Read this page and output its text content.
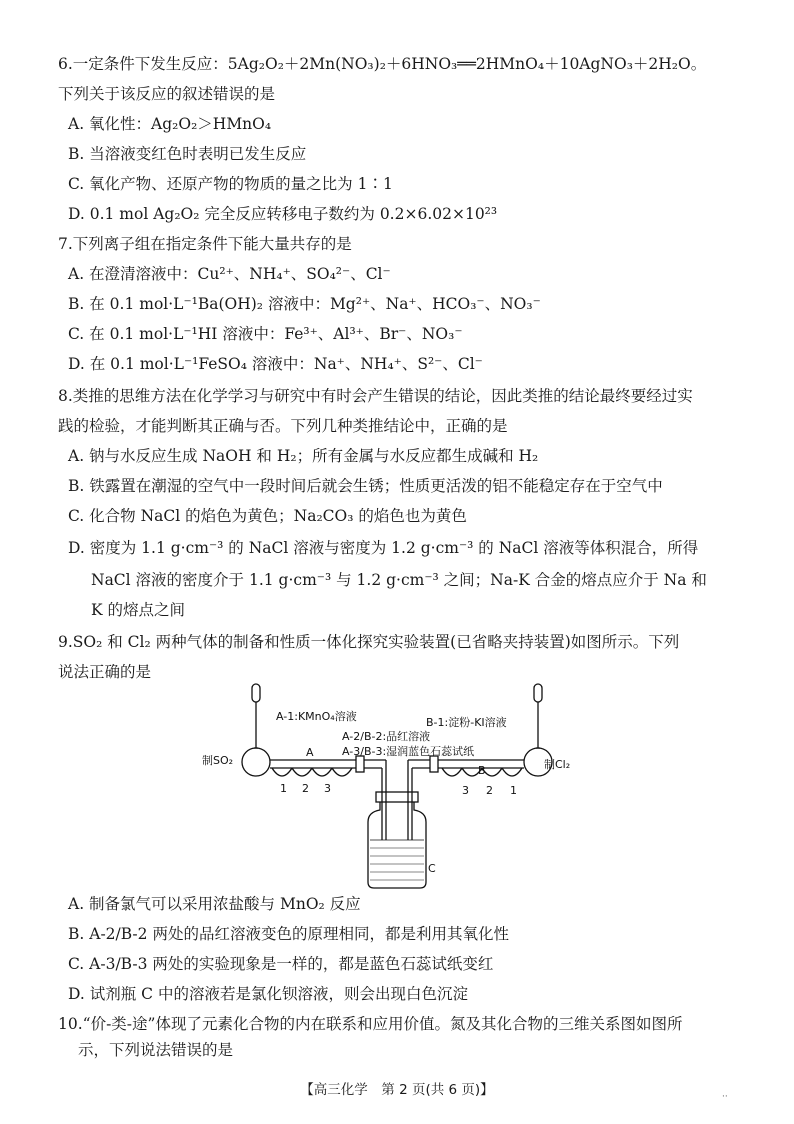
6.一定条件下发生反应：5Ag₂O₂＋2Mn(NO₃)₂＋6HNO₃══2HMnO₄＋10AgNO₃＋2H₂O。
下列关于该反应的叙述错误的是
A. 氧化性：Ag₂O₂＞HMnO₄
B. 当溶液变红色时表明已发生反应
C. 氧化产物、还原产物的物质的量之比为 1∶1
D. 0.1 mol Ag₂O₂ 完全反应转移电子数约为 0.2×6.02×10²³
7.下列离子组在指定条件下能大量共存的是
A. 在澄清溶液中：Cu²⁺、NH₄⁺、SO₄²⁻、Cl⁻
B. 在 0.1 mol·L⁻¹Ba(OH)₂ 溶液中：Mg²⁺、Na⁺、HCO₃⁻、NO₃⁻
C. 在 0.1 mol·L⁻¹HI 溶液中：Fe³⁺、Al³⁺、Br⁻、NO₃⁻
D. 在 0.1 mol·L⁻¹FeSO₄ 溶液中：Na⁺、NH₄⁺、S²⁻、Cl⁻
8.类推的思维方法在化学学习与研究中有时会产生错误的结论，因此类推的结论最终要经过实
践的检验，才能判断其正确与否。下列几种类推结论中，正确的是
A. 钠与水反应生成 NaOH 和 H₂；所有金属与水反应都生成碱和 H₂
B. 铁露置在潮湿的空气中一段时间后就会生锈；性质更活泼的铝不能稳定存在于空气中
C. 化合物 NaCl 的焰色为黄色；Na₂CO₃ 的焰色也为黄色
D. 密度为 1.1 g·cm⁻³ 的 NaCl 溶液与密度为 1.2 g·cm⁻³ 的 NaCl 溶液等体积混合，所得
NaCl 溶液的密度介于 1.1 g·cm⁻³ 与 1.2 g·cm⁻³ 之间；Na-K 合金的熔点应介于 Na 和
K 的熔点之间
9.SO₂ 和 Cl₂ 两种气体的制备和性质一体化探究实验装置(已省略夹持装置)如图所示。下列
说法正确的是
A-1:KMnO₄溶液	B-1:淀粉-KI溶液
A-2/B-2:品红溶液
A-3/B-3:湿润蓝色石蕊试纸
制SO₂	制Cl₂
A
B
C
1 2 3	3 2 1
A. 制备氯气可以采用浓盐酸与 MnO₂ 反应
B. A-2/B-2 两处的品红溶液变色的原理相同，都是利用其氧化性
C. A-3/B-3 两处的实验现象是一样的，都是蓝色石蕊试纸变红
D. 试剂瓶 C 中的溶液若是氯化钡溶液，则会出现白色沉淀
10.“价-类-途”体现了元素化合物的内在联系和应用价值。氮及其化合物的三维关系图如图所
示，下列说法错误的是
【高三化学　第 2 页(共 6 页)】	··
